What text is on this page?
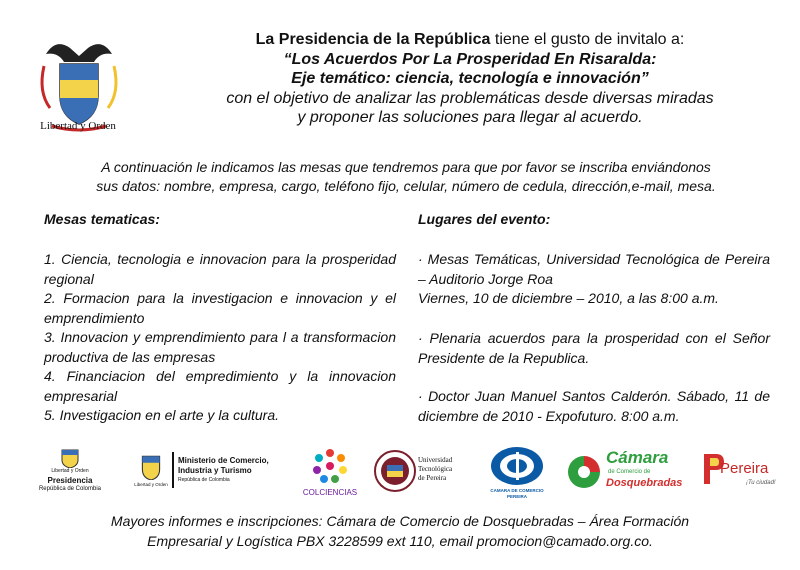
Libertad y Orden
La Presidencia de la República tiene el gusto de invitalo a:
“Los Acuerdos Por La Prosperidad En Risaralda:
Eje temático: ciencia, tecnología e innovación”
con el objetivo de analizar las problemáticas desde diversas miradas
y proponer las soluciones para llegar al acuerdo.
A continuación le indicamos las mesas que tendremos para que por favor se inscriba enviándonos
sus datos: nombre, empresa, cargo, teléfono fijo, celular, número de cedula, dirección,e-mail, mesa.
Mesas tematicas:
1. Ciencia, tecnologia e innovacion para la prosperidad regional
2. Formacion para la investigacion e innovacion y el emprendimiento
3. Innovacion y emprendimiento para l a transformacion productiva de las empresas
4. Financiacion del empredimiento y la innovacion empresarial
5. Investigacion en el arte y la cultura.
Lugares del evento:
· Mesas Temáticas, Universidad Tecnológica de Pereira – Auditorio Jorge Roa
Viernes, 10 de diciembre – 2010, a las 8:00 a.m.
· Plenaria acuerdos para la prosperidad con el Señor Presidente de la Republica.
· Doctor Juan Manuel Santos Calderón. Sábado, 11 de diciembre de 2010 - Expofuturo. 8:00 a.m.
Libertad y Orden
Presidencia
República de Colombia
Libertad y Orden
Ministerio de Comercio,
Industria y Turismo
República de Colombia
COLCIENCIAS
Universidad
Tecnológica
de Pereira
CAMARA DE COMERCIO
PEREIRA
Cámara
de Comercio de
Dosquebradas
Pereira
¡Tu ciudad!
Mayores informes e inscripciones: Cámara de Comercio de Dosquebradas – Área Formación
Empresarial y Logística PBX 3228599 ext 110, email promocion@camado.org.co.
